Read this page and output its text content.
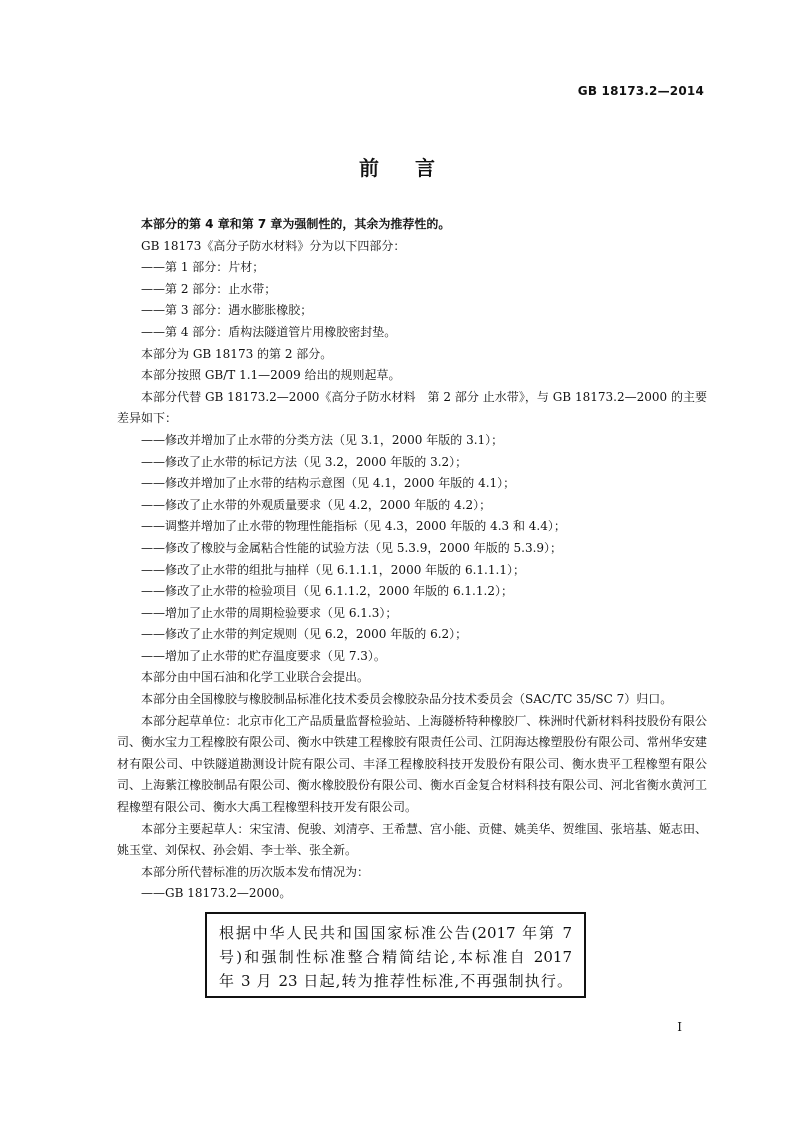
GB 18173.2—2014
前言

本部分的第 4 章和第 7 章为强制性的，其余为推荐性的。

GB 18173《高分子防水材料》分为以下四部分：

——第 1 部分：片材；

——第 2 部分：止水带；

——第 3 部分：遇水膨胀橡胶；

——第 4 部分：盾构法隧道管片用橡胶密封垫。

本部分为 GB 18173 的第 2 部分。

本部分按照 GB/T 1.1—2009 给出的规则起草。

本部分代替 GB 18173.2—2000《高分子防水材料　第 2 部分 止水带》，与 GB 18173.2—2000 的主要差异如下：

——修改并增加了止水带的分类方法（见 3.1，2000 年版的 3.1）；

——修改了止水带的标记方法（见 3.2，2000 年版的 3.2）；

——修改并增加了止水带的结构示意图（见 4.1，2000 年版的 4.1）；

——修改了止水带的外观质量要求（见 4.2，2000 年版的 4.2）；

——调整并增加了止水带的物理性能指标（见 4.3，2000 年版的 4.3 和 4.4）；

——修改了橡胶与金属粘合性能的试验方法（见 5.3.9，2000 年版的 5.3.9）；

——修改了止水带的组批与抽样（见 6.1.1.1，2000 年版的 6.1.1.1）；

——修改了止水带的检验项目（见 6.1.1.2，2000 年版的 6.1.1.2）；

——增加了止水带的周期检验要求（见 6.1.3）；

——修改了止水带的判定规则（见 6.2，2000 年版的 6.2）；

——增加了止水带的贮存温度要求（见 7.3）。

本部分由中国石油和化学工业联合会提出。

本部分由全国橡胶与橡胶制品标准化技术委员会橡胶杂品分技术委员会（SAC/TC 35/SC 7）归口。

本部分起草单位：北京市化工产品质量监督检验站、上海隧桥特种橡胶厂、株洲时代新材料科技股份有限公司、衡水宝力工程橡胶有限公司、衡水中铁建工程橡胶有限责任公司、江阴海达橡塑股份有限公司、常州华安建材有限公司、中铁隧道勘测设计院有限公司、丰泽工程橡胶科技开发股份有限公司、衡水贵平工程橡塑有限公司、上海紫江橡胶制品有限公司、衡水橡胶股份有限公司、衡水百金复合材料科技有限公司、河北省衡水黄河工程橡塑有限公司、衡水大禹工程橡塑科技开发有限公司。

本部分主要起草人：宋宝清、倪骏、刘清亭、王希慧、宫小能、贡健、姚美华、贺维国、张培基、姬志田、姚玉堂、刘保权、孙会娟、李士举、张全新。

本部分所代替标准的历次版本发布情况为：

——GB 18173.2—2000。

根据中华人民共和国国家标准公告(2017 年第 7
号)和强制性标准整合精简结论,本标准自 2017
年 3 月 23 日起,转为推荐性标准,不再强制执行。
I
